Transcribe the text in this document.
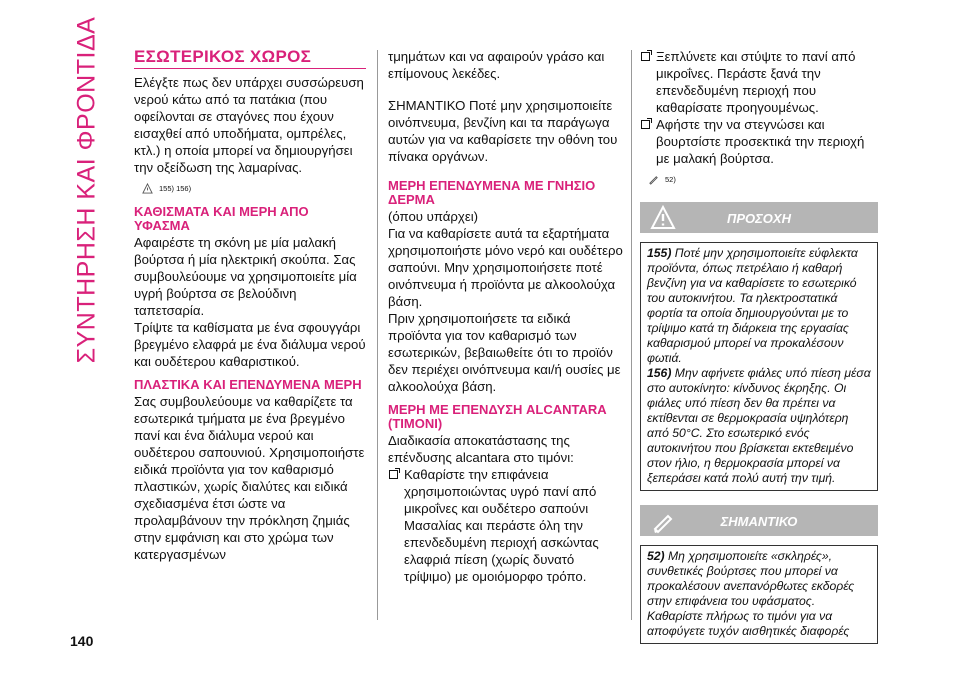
ΣΥΝΤΗΡΗΣΗ ΚΑΙ ΦΡΟΝΤΙΔΑ ΕΣΩΤΕΡΙΚΟΣ ΧΩΡΟΣ

Ελέγξτε πως δεν υπάρχει συσσώρευση νερού κάτω από τα πατάκια (που οφείλονται σε σταγόνες που έχουν εισαχθεί από υποδήματα, ομπρέλες, κτλ.) η οποία μπορεί να δημιουργήσει την οξείδωση της λαμαρίνας.

155) 156)
ΚΑΘΙΣΜΑΤΑ ΚΑΙ ΜΕΡΗ ΑΠΟ ΥΦΑΣΜΑ

Αφαιρέστε τη σκόνη με μία μαλακή βούρτσα ή μία ηλεκτρική σκούπα. Σας συμβουλεύουμε να χρησιμοποιείτε μία υγρή βούρτσα σε βελούδινη ταπετσαρία.

Τρίψτε τα καθίσματα με ένα σφουγγάρι βρεγμένο ελαφρά με ένα διάλυμα νερού και ουδέτερου καθαριστικού.

ΠΛΑΣΤΙΚΑ ΚΑΙ ΕΠΕΝΔΥΜΕΝΑ ΜΕΡΗ

Σας συμβουλεύουμε να καθαρίζετε τα εσωτερικά τμήματα με ένα βρεγμένο πανί και ένα διάλυμα νερού και ουδέτερου σαπουνιού. Χρησιμοποιήστε ειδικά προϊόντα για τον καθαρισμό πλαστικών, χωρίς διαλύτες και ειδικά σχεδιασμένα έτσι ώστε να προλαμβάνουν την πρόκληση ζημιάς στην εμφάνιση και στο χρώμα των κατεργασμένων

τμημάτων και να αφαιρούν γράσο και επίμονους λεκέδες.

ΣΗΜΑΝΤΙΚΟ Ποτέ μην χρησιμοποιείτε οινόπνευμα, βενζίνη και τα παράγωγα αυτών για να καθαρίσετε την οθόνη του πίνακα οργάνων.

ΜΕΡΗ ΕΠΕΝΔΥΜΕΝΑ ΜΕ ΓΝΗΣΙΟ ΔΕΡΜΑ

(όπου υπάρχει)

Για να καθαρίσετε αυτά τα εξαρτήματα χρησιμοποιήστε μόνο νερό και ουδέτερο σαπούνι. Μην χρησιμοποιήσετε ποτέ οινόπνευμα ή προϊόντα με αλκοολούχα βάση.

Πριν χρησιμοποιήσετε τα ειδικά προϊόντα για τον καθαρισμό των εσωτερικών, βεβαιωθείτε ότι το προϊόν δεν περιέχει οινόπνευμα και/ή ουσίες με αλκοολούχα βάση.

ΜΕΡΗ ΜΕ ΕΠΕΝΔΥΣΗ ALCANTARA (ΤΙΜΟΝΙ)

Διαδικασία αποκατάστασης της επένδυσης alcantara στο τιμόνι:

Καθαρίστε την επιφάνεια χρησιμοποιώντας υγρό πανί από μικροΐνες και ουδέτερο σαπούνι Μασαλίας και περάστε όλη την επενδεδυμένη περιοχή ασκώντας ελαφριά πίεση (χωρίς δυνατό τρίψιμο) με ομοιόμορφο τρόπο.
Ξεπλύνετε και στύψτε το πανί από μικροΐνες. Περάστε ξανά την επενδεδυμένη περιοχή που καθαρίσατε προηγουμένως.
Αφήστε την να στεγνώσει και βουρτσίστε προσεκτικά την περιοχή με μαλακή βούρτσα.
52)
ΠΡΟΣΟΧΗ

155) Ποτέ μην χρησιμοποιείτε εύφλεκτα προϊόντα, όπως πετρέλαιο ή καθαρή βενζίνη για να καθαρίσετε το εσωτερικό του αυτοκινήτου. Τα ηλεκτροστατικά φορτία τα οποία δημιουργούνται με το τρίψιμο κατά τη διάρκεια της εργασίας καθαρισμού μπορεί να προκαλέσουν φωτιά.

156) Μην αφήνετε φιάλες υπό πίεση μέσα στο αυτοκίνητο: κίνδυνος έκρηξης. Οι φιάλες υπό πίεση δεν θα πρέπει να εκτίθενται σε θερμοκρασία υψηλότερη από 50°C. Στο εσωτερικό ενός αυτοκινήτου που βρίσκεται εκτεθειμένο στον ήλιο, η θερμοκρασία μπορεί να ξεπεράσει κατά πολύ αυτή την τιμή.

ΣΗΜΑΝΤΙΚΟ

52) Μη χρησιμοποιείτε «σκληρές», συνθετικές βούρτσες που μπορεί να προκαλέσουν ανεπανόρθωτες εκδορές στην επιφάνεια του υφάσματος. Καθαρίστε πλήρως το τιμόνι για να αποφύγετε τυχόν αισθητικές διαφορές

140
